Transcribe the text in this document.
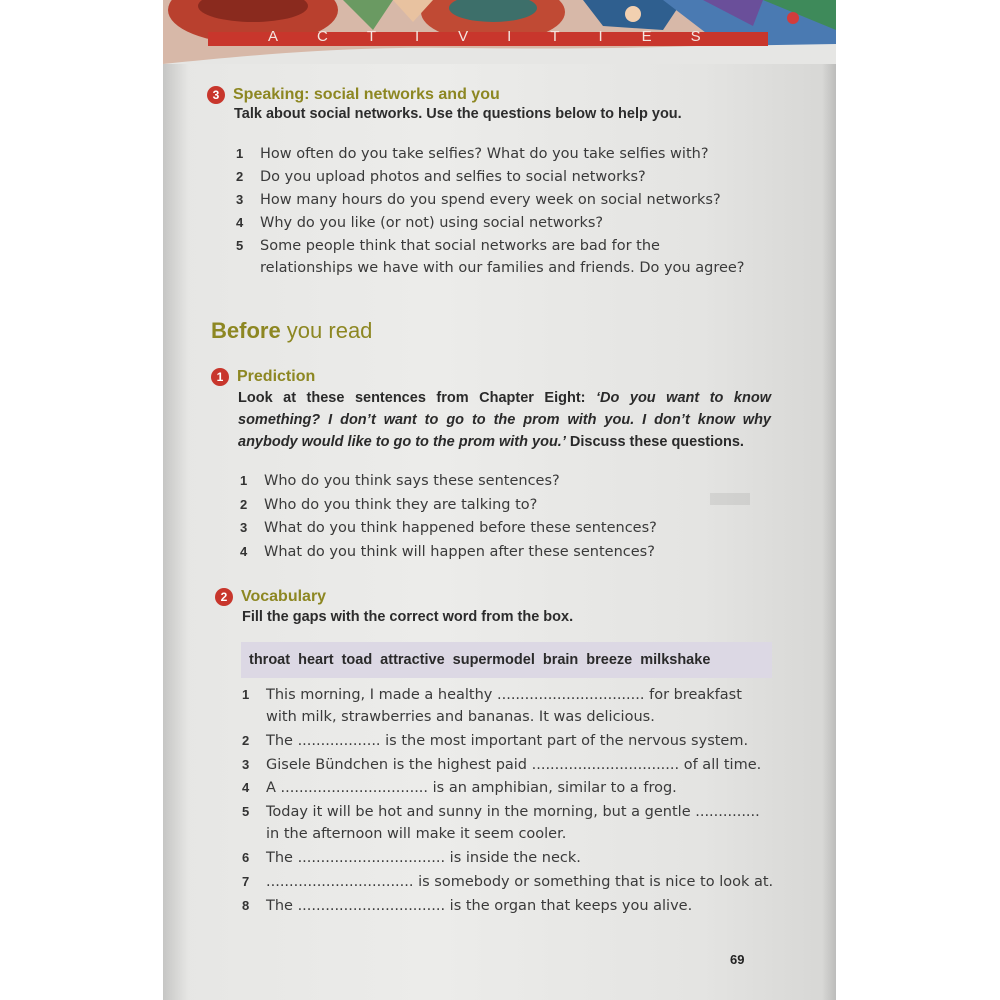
ACTIVITIES
▬
3 Speaking: social networks and you
Talk about social networks. Use the questions below to help you.
1 How often do you take selfies? What do you take selfies with?
2 Do you upload photos and selfies to social networks?
3 How many hours do you spend every week on social networks?
4 Why do you like (or not) using social networks?
5 Some people think that social networks are bad for the
relationships we have with our families and friends. Do you agree?
Before you read
1 Prediction
Look at these sentences from Chapter Eight: ‘Do you want to know something? I don’t want to go to the prom with you. I don’t know why anybody would like to go to the prom with you.’ Discuss these questions.
1 Who do you think says these sentences?
2 Who do you think they are talking to?
3 What do you think happened before these sentences?
4 What do you think will happen after these sentences?
2 Vocabulary
Fill the gaps with the correct word from the box.
throat heart toad attractive supermodel brain breeze milkshake
1 This morning, I made a healthy ................................ for breakfast
with milk, strawberries and bananas. It was delicious.
2 The .................. is the most important part of the nervous system.
3 Gisele Bündchen is the highest paid ................................ of all time.
4 A ................................ is an amphibian, similar to a frog.
5 Today it will be hot and sunny in the morning, but a gentle ..............
in the afternoon will make it seem cooler.
6 The ................................ is inside the neck.
7 ................................ is somebody or something that is nice to look at.
8 The ................................ is the organ that keeps you alive.
69
